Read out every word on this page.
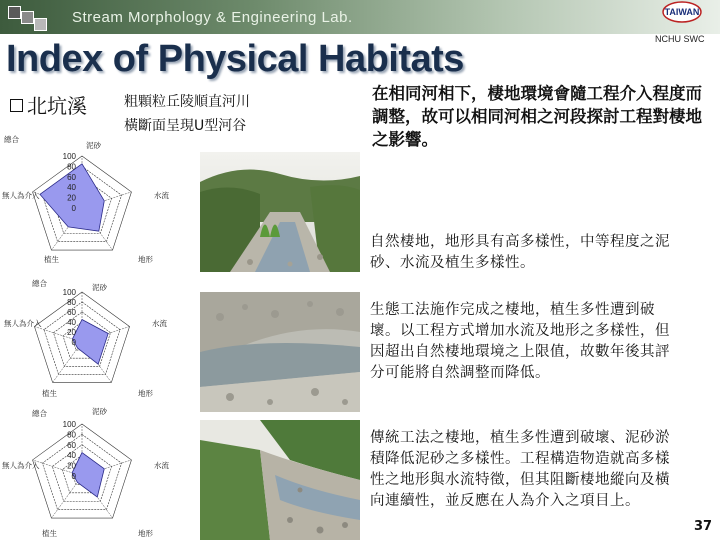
Stream Morphology & Engineering Lab.	TAIWAN
NCHU SWC
Index of Physical Habitats
北坑溪	粗顆粒丘陵順直河川
橫斷面呈現U型河谷
在相同河相下，棲地環境會隨工程介入程度而調整，故可以相同河相之河段探討工程對棲地之影響。
總合
泥砂
水流
地形
植生
無人為介入
100
80
60
40
20
0
總合	泥砂
水流
地形
植生
無人為介入
100
80
60
40
20
0
總合	泥砂
水流
地形
植生
無人為介入
100
80
60
40
20
0
自然棲地，地形具有高多樣性，中等程度之泥砂、水流及植生多樣性。
生態工法施作完成之棲地，植生多性遭到破壞。以工程方式增加水流及地形之多樣性，但因超出自然棲地環境之上限值，故數年後其評分可能將自然調整而降低。
傳統工法之棲地，植生多性遭到破壞、泥砂淤積降低泥砂之多樣性。工程構造物造就高多樣性之地形與水流特徵，但其阻斷棲地縱向及橫向連續性，並反應在人為介入之項目上。
37
